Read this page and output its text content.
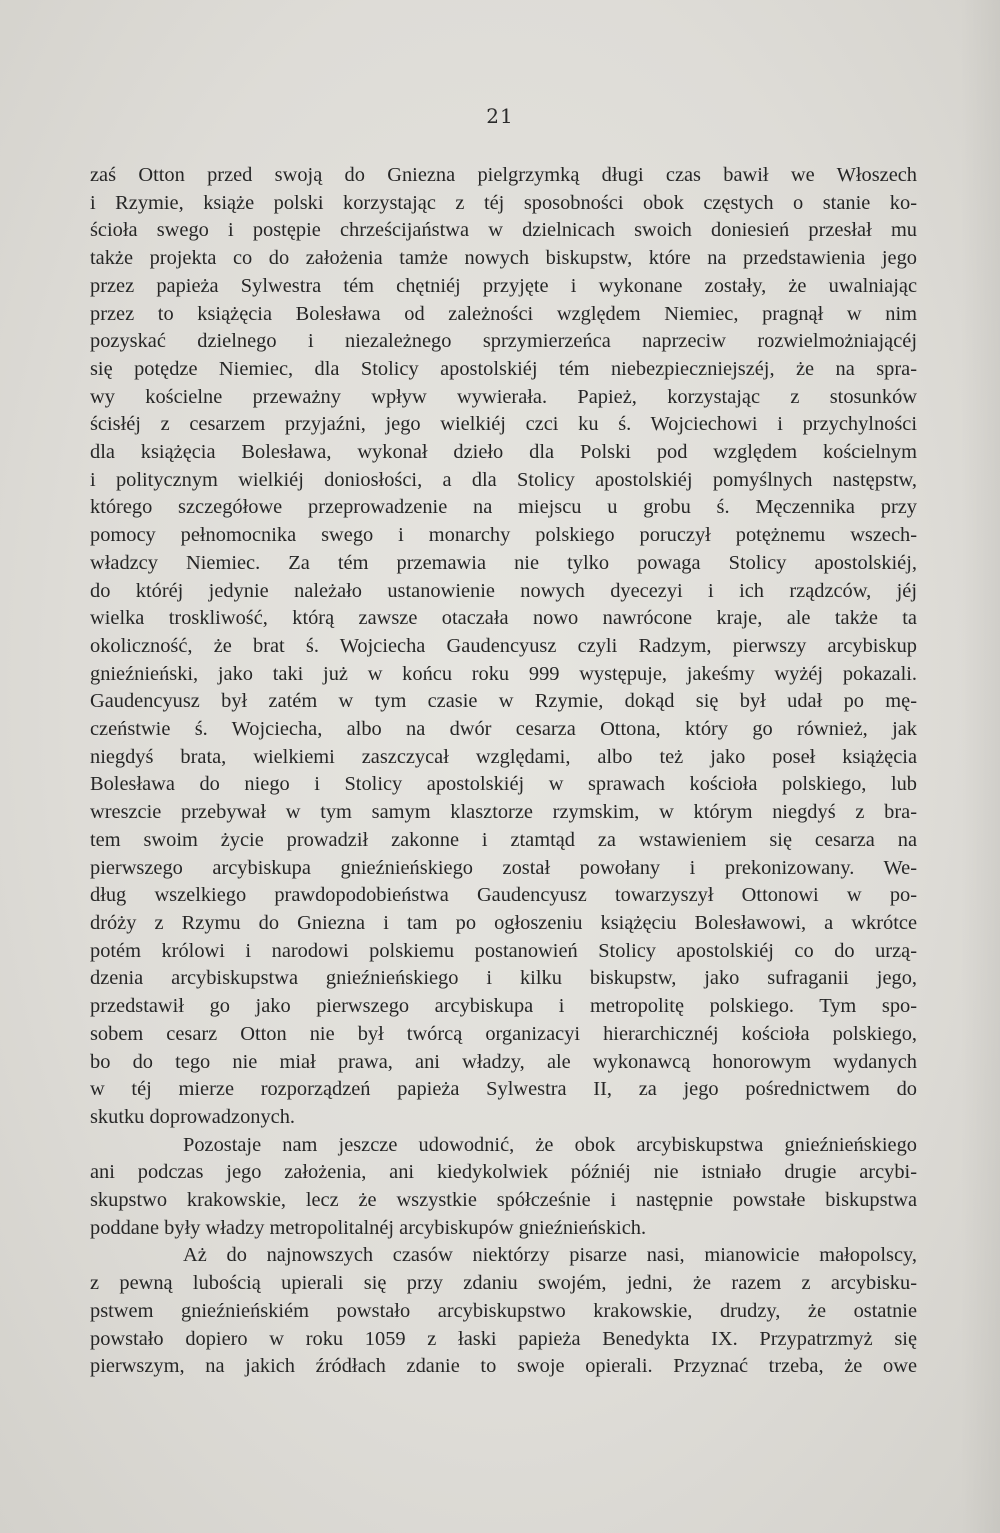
21

zaś Otton przed swoją do Gniezna pielgrzymką długi czas bawił we Włoszech

i Rzymie, książe polski korzystając z téj sposobności obok częstych o stanie ko-

ścioła swego i postępie chrześcijaństwa w dzielnicach swoich doniesień przesłał mu

także projekta co do założenia tamże nowych biskupstw, które na przedstawienia jego

przez papieża Sylwestra tém chętniéj przyjęte i wykonane zostały, że uwalniając

przez to książęcia Bolesława od zależności względem Niemiec, pragnął w nim

pozyskać dzielnego i niezależnego sprzymierzeńca naprzeciw rozwielmożniającéj

się potędze Niemiec, dla Stolicy apostolskiéj tém niebezpieczniejszéj, że na spra-

wy kościelne przeważny wpływ wywierała. Papież, korzystając z stosunków

ścisłéj z cesarzem przyjaźni, jego wielkiéj czci ku ś. Wojciechowi i przychylności

dla książęcia Bolesława, wykonał dzieło dla Polski pod względem kościelnym

i politycznym wielkiéj doniosłości, a dla Stolicy apostolskiéj pomyślnych następstw,

którego szczegółowe przeprowadzenie na miejscu u grobu ś. Męczennika przy

pomocy pełnomocnika swego i monarchy polskiego poruczył potężnemu wszech-

władzcy Niemiec. Za tém przemawia nie tylko powaga Stolicy apostolskiéj,

do któréj jedynie należało ustanowienie nowych dyecezyi i ich rządzców, jéj

wielka troskliwość, którą zawsze otaczała nowo nawrócone kraje, ale także ta

okoliczność, że brat ś. Wojciecha Gaudencyusz czyli Radzym, pierwszy arcybiskup

gnieźnieński, jako taki już w końcu roku 999 występuje, jakeśmy wyżéj pokazali.

Gaudencyusz był zatém w tym czasie w Rzymie, dokąd się był udał po mę-

czeństwie ś. Wojciecha, albo na dwór cesarza Ottona, który go również, jak

niegdyś brata, wielkiemi zaszczycał względami, albo też jako poseł książęcia

Bolesława do niego i Stolicy apostolskiéj w sprawach kościoła polskiego, lub

wreszcie przebywał w tym samym klasztorze rzymskim, w którym niegdyś z bra-

tem swoim życie prowadził zakonne i ztamtąd za wstawieniem się cesarza na

pierwszego arcybiskupa gnieźnieńskiego został powołany i prekonizowany. We-

dług wszelkiego prawdopodobieństwa Gaudencyusz towarzyszył Ottonowi w po-

dróży z Rzymu do Gniezna i tam po ogłoszeniu książęciu Bolesławowi, a wkrótce

potém królowi i narodowi polskiemu postanowień Stolicy apostolskiéj co do urzą-

dzenia arcybiskupstwa gnieźnieńskiego i kilku biskupstw, jako sufraganii jego,

przedstawił go jako pierwszego arcybiskupa i metropolitę polskiego. Tym spo-

sobem cesarz Otton nie był twórcą organizacyi hierarchicznéj kościoła polskiego,

bo do tego nie miał prawa, ani władzy, ale wykonawcą honorowym wydanych

w téj mierze rozporządzeń papieża Sylwestra II, za jego pośrednictwem do

skutku doprowadzonych.

Pozostaje nam jeszcze udowodnić, że obok arcybiskupstwa gnieźnieńskiego

ani podczas jego założenia, ani kiedykolwiek późniéj nie istniało drugie arcybi-

skupstwo krakowskie, lecz że wszystkie spółcześnie i następnie powstałe biskupstwa

poddane były władzy metropolitalnéj arcybiskupów gnieźnieńskich.

Aż do najnowszych czasów niektórzy pisarze nasi, mianowicie małopolscy,

z pewną lubością upierali się przy zdaniu swojém, jedni, że razem z arcybisku-

pstwem gnieźnieńskiém powstało arcybiskupstwo krakowskie, drudzy, że ostatnie

powstało dopiero w roku 1059 z łaski papieża Benedykta IX. Przypatrzmyż się

pierwszym, na jakich źródłach zdanie to swoje opierali. Przyznać trzeba, że owe
